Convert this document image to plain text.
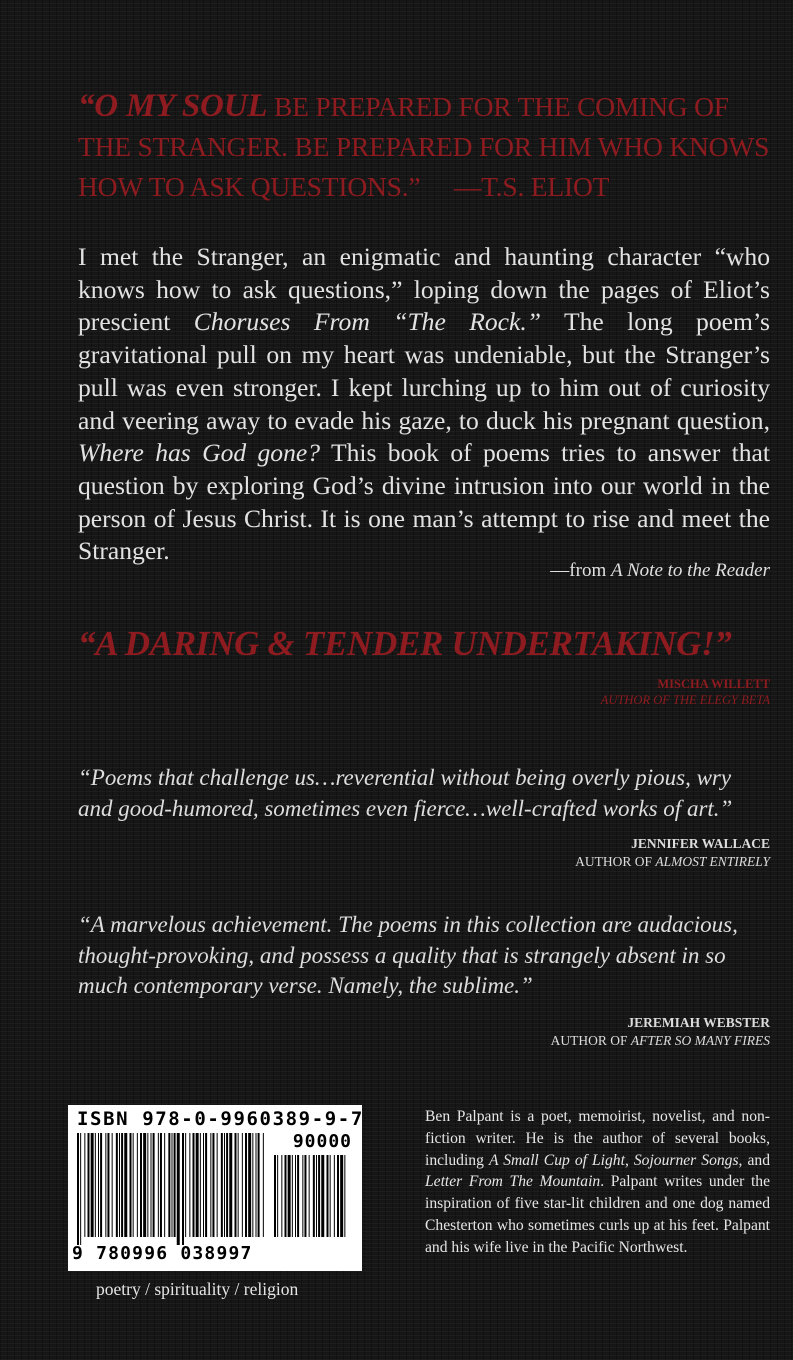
“O MY SOUL BE PREPARED FOR THE COMING OF THE STRANGER. BE PREPARED FOR HIM WHO KNOWS HOW TO ASK QUESTIONS.” —T.S. ELIOT
I met the Stranger, an enigmatic and haunting character “who knows how to ask questions,” loping down the pages of Eliot’s prescient Choruses From “The Rock.” The long poem’s gravitational pull on my heart was undeniable, but the Stranger’s pull was even stronger. I kept lurching up to him out of curiosity and veering away to evade his gaze, to duck his pregnant question, Where has God gone? This book of poems tries to answer that question by exploring God’s divine intrusion into our world in the person of Jesus Christ. It is one man’s attempt to rise and meet the Stranger.
—from A Note to the Reader
“A DARING & TENDER UNDERTAKING!”
MISCHA WILLETT
AUTHOR OF THE ELEGY BETA
“Poems that challenge us…reverential without being overly pious, wry and good-humored, sometimes even fierce…well-crafted works of art.”
JENNIFER WALLACE
AUTHOR OF ALMOST ENTIRELY
“A marvelous achievement. The poems in this collection are audacious, thought-provoking, and possess a quality that is strangely absent in so much contemporary verse. Namely, the sublime.”
JEREMIAH WEBSTER
AUTHOR OF AFTER SO MANY FIRES
ISBN 978-0-9960389-9-7
90000
9 780996 038997
poetry / spirituality / religion
Ben Palpant is a poet, memoirist, novelist, and non-fiction writer. He is the author of several books, including A Small Cup of Light, Sojourner Songs, and Letter From The Mountain. Palpant writes under the inspiration of five star-lit children and one dog named Chesterton who sometimes curls up at his feet. Palpant and his wife live in the Pacific Northwest.
